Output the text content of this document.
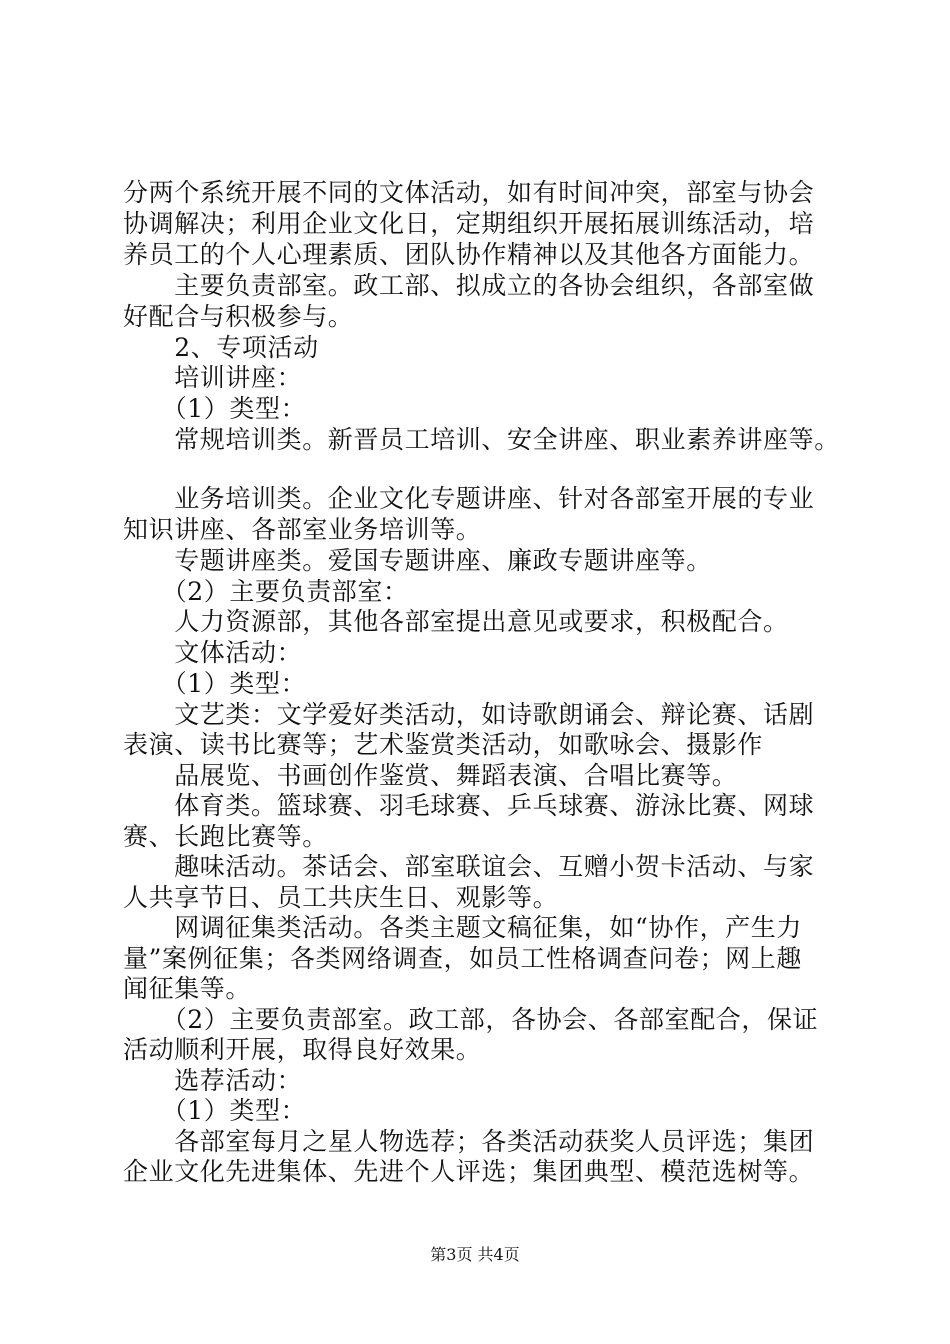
分两个系统开展不同的文体活动，如有时间冲突，部室与协会
协调解决；利用企业文化日，定期组织开展拓展训练活动，培
养员工的个人心理素质、团队协作精神以及其他各方面能力。
　　主要负责部室。政工部、拟成立的各协会组织，各部室做
好配合与积极参与。
　　2、专项活动
　　培训讲座：
　　（1）类型：
　　常规培训类。新晋员工培训、安全讲座、职业素养讲座等。
　　业务培训类。企业文化专题讲座、针对各部室开展的专业
知识讲座、各部室业务培训等。
　　专题讲座类。爱国专题讲座、廉政专题讲座等。
　　（2）主要负责部室：
　　人力资源部，其他各部室提出意见或要求，积极配合。
　　文体活动：
　　（1）类型：
　　文艺类：文学爱好类活动，如诗歌朗诵会、辩论赛、话剧
表演、读书比赛等；艺术鉴赏类活动，如歌咏会、摄影作
　　品展览、书画创作鉴赏、舞蹈表演、合唱比赛等。
　　体育类。篮球赛、羽毛球赛、乒乓球赛、游泳比赛、网球
赛、长跑比赛等。
　　趣味活动。茶话会、部室联谊会、互赠小贺卡活动、与家
人共享节日、员工共庆生日、观影等。
　　网调征集类活动。各类主题文稿征集，如“协作，产生力
量”案例征集；各类网络调查，如员工性格调查问卷；网上趣
闻征集等。
　　（2）主要负责部室。政工部，各协会、各部室配合，保证
活动顺利开展，取得良好效果。
　　选荐活动：
　　（1）类型：
　　各部室每月之星人物选荐；各类活动获奖人员评选；集团
企业文化先进集体、先进个人评选；集团典型、模范选树等。
第3页 共4页
